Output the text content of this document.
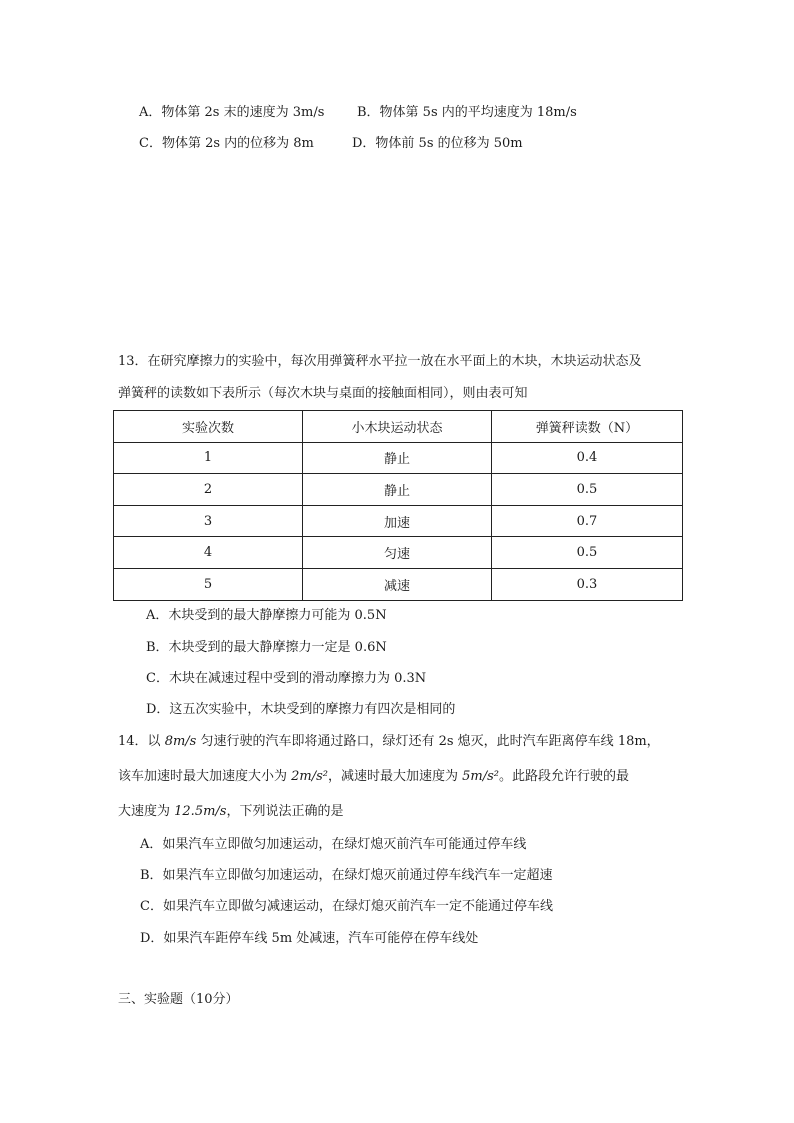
A．物体第 2s 末的速度为 3m/s	B．物体第 5s 内的平均速度为 18m/s
C．物体第 2s 内的位移为 8m	D．物体前 5s 的位移为 50m
13．在研究摩擦力的实验中，每次用弹簧秤水平拉一放在水平面上的木块，木块运动状态及
弹簧秤的读数如下表所示（每次木块与桌面的接触面相同），则由表可知
实验次数	小木块运动状态	弹簧秤读数（N）
1	静止	0.4
2	静止	0.5
3	加速	0.7
4	匀速	0.5
5	减速	0.3
A．木块受到的最大静摩擦力可能为 0.5N
B．木块受到的最大静摩擦力一定是 0.6N
C．木块在减速过程中受到的滑动摩擦力为 0.3N
D．这五次实验中，木块受到的摩擦力有四次是相同的
14．以 8m/s 匀速行驶的汽车即将通过路口，绿灯还有 2s 熄灭，此时汽车距离停车线 18m，
该车加速时最大加速度大小为 2m/s²，减速时最大加速度为 5m/s²。此路段允许行驶的最
大速度为 12.5m/s，下列说法正确的是
A．如果汽车立即做匀加速运动，在绿灯熄灭前汽车可能通过停车线
B．如果汽车立即做匀加速运动，在绿灯熄灭前通过停车线汽车一定超速
C．如果汽车立即做匀减速运动，在绿灯熄灭前汽车一定不能通过停车线
D．如果汽车距停车线 5m 处减速，汽车可能停在停车线处
三、实验题（10分）
